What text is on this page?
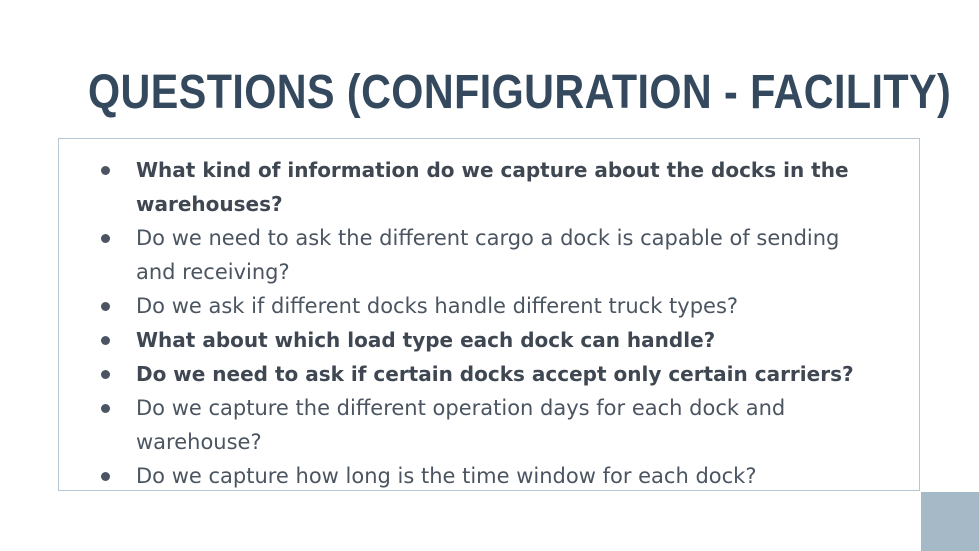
QUESTIONS (CONFIGURATION - FACILITY)
What kind of information do we capture about the docks in the warehouses?
Do we need to ask the different cargo a dock is capable of sending and receiving?
Do we ask if different docks handle different truck types?
What about which load type each dock can handle?
Do we need to ask if certain docks accept only certain carriers?
Do we capture the different operation days for each dock and warehouse?
Do we capture how long is the time window for each dock?
